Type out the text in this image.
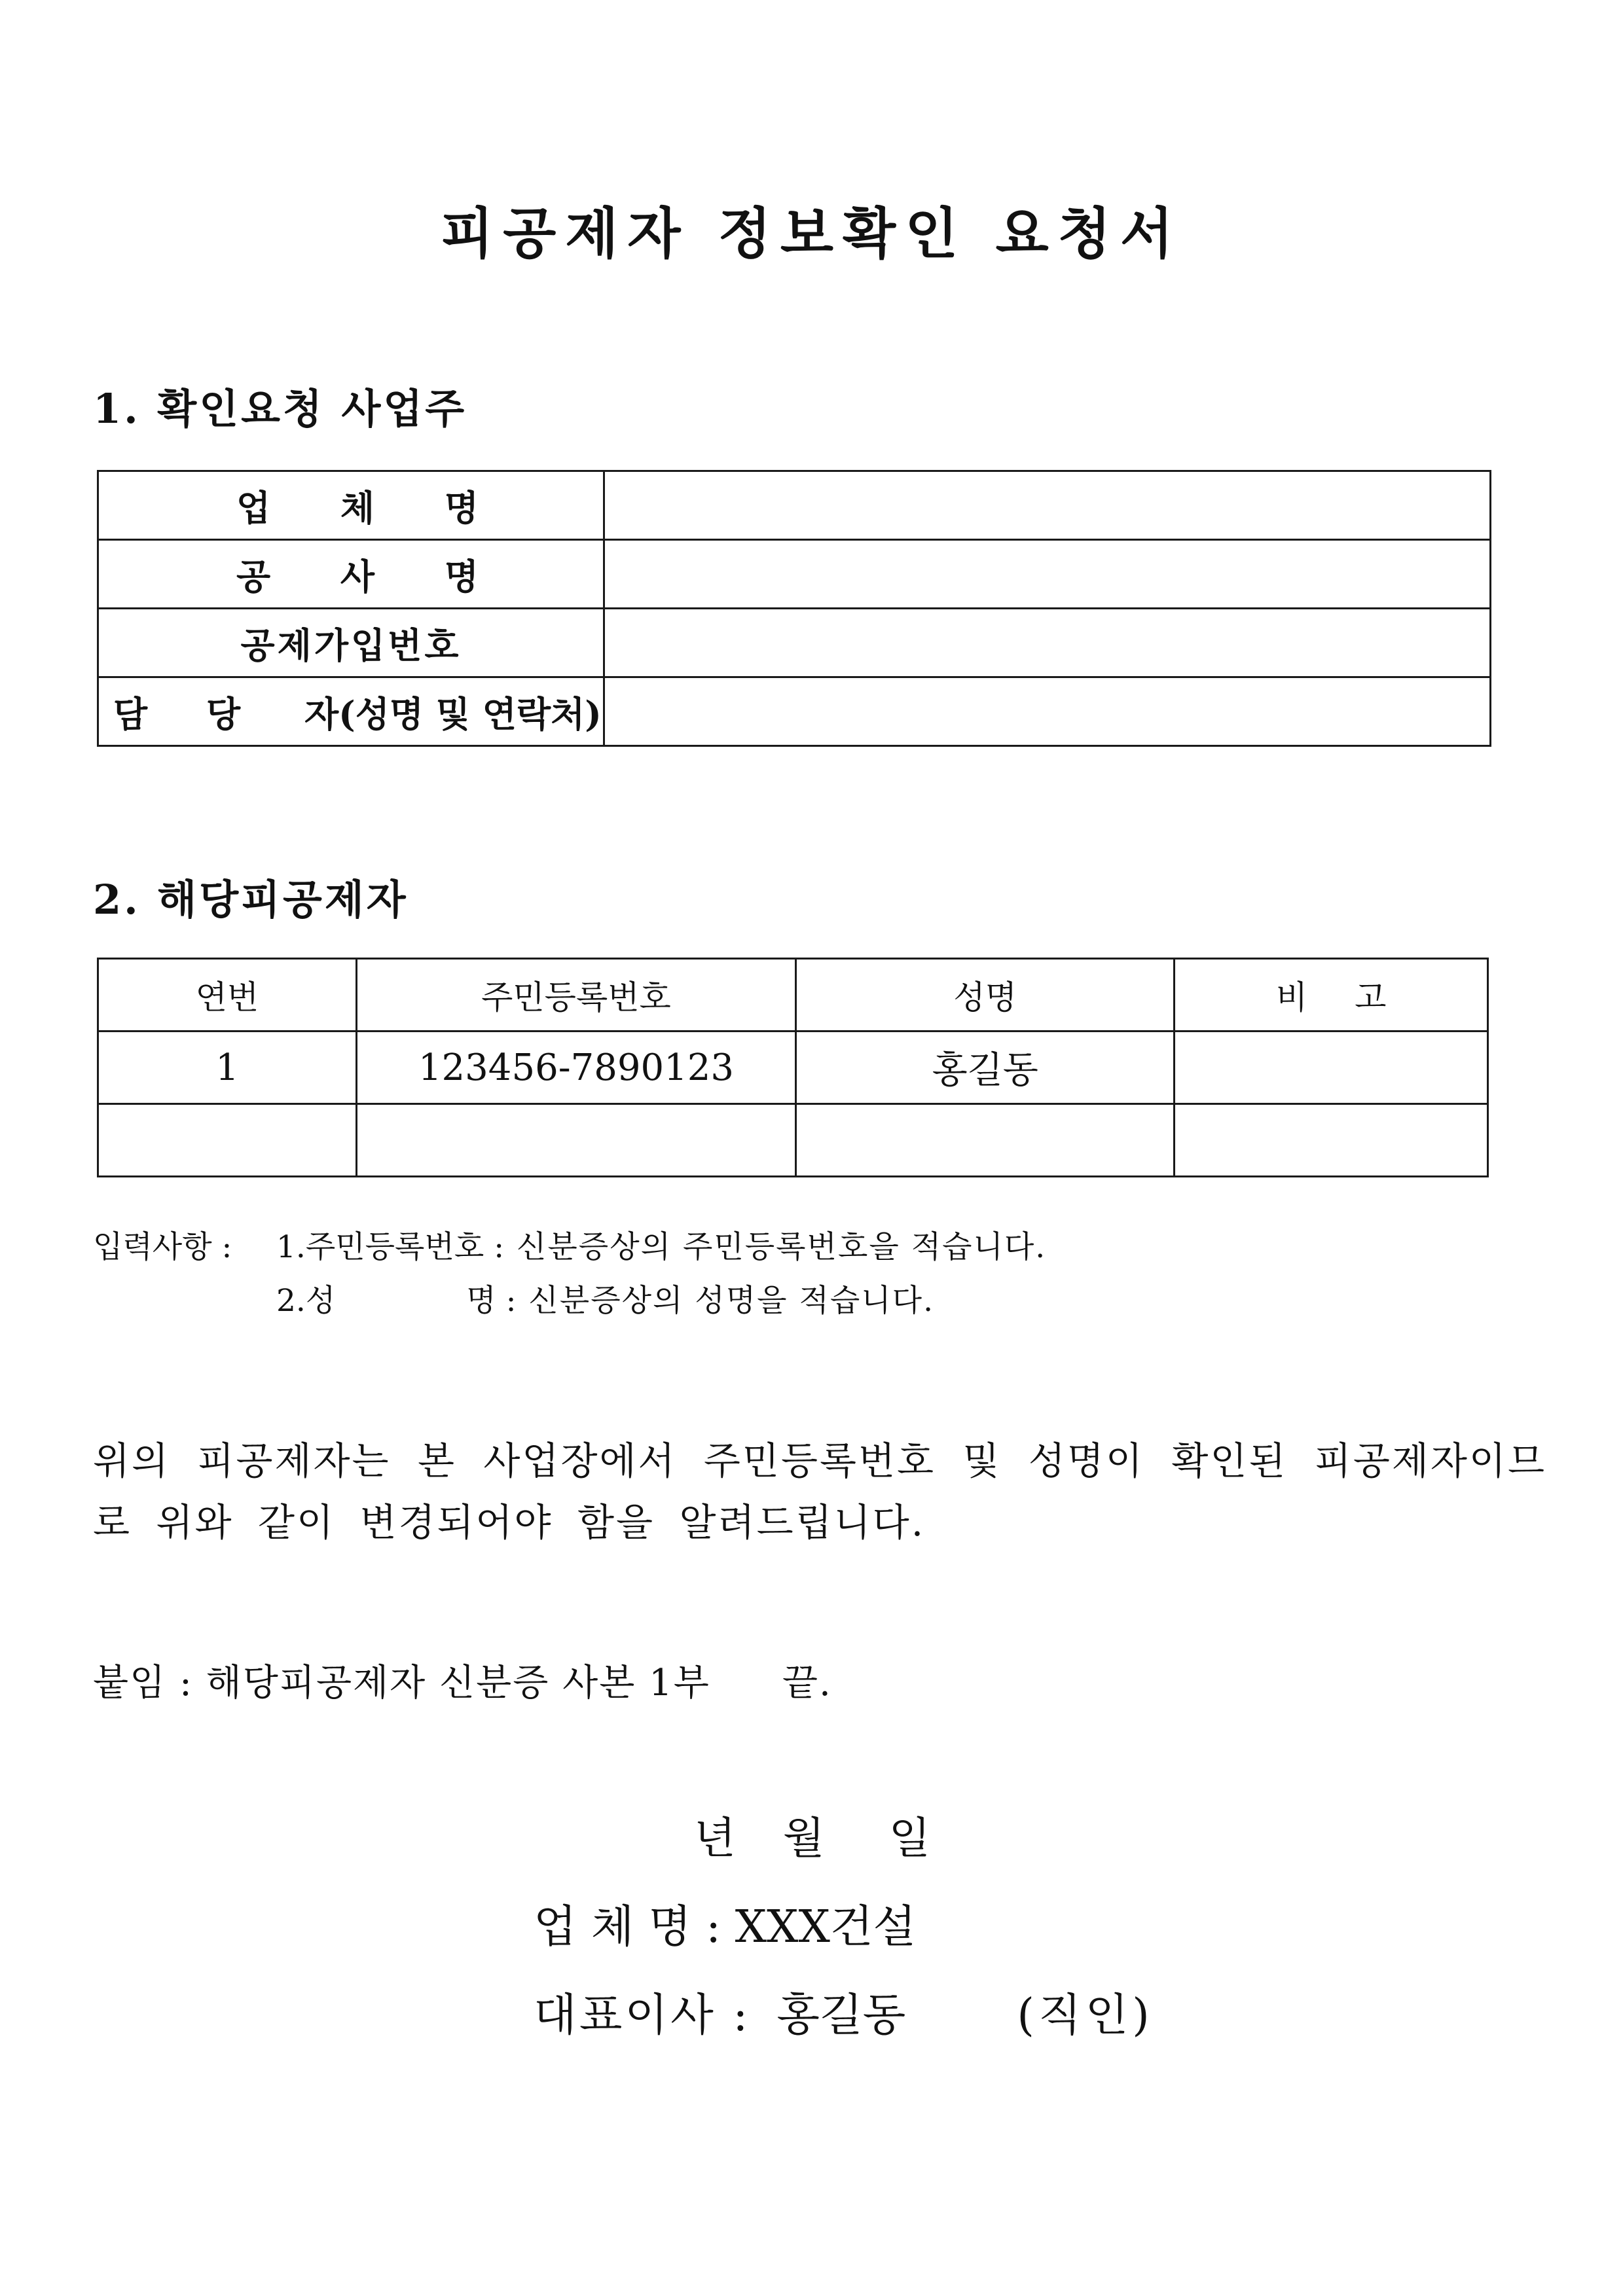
피공제자 정보확인 요청서
1. 확인요청 사업주
업 체 명	

공 사 명	

공제가입번호	

담 당 자(성명 및 연락처)	

2. 해당피공제자
연번	주민등록번호	성명	비 고
1	123456-7890123	홍길동	

입력사항 : 1.주민등록번호 : 신분증상의 주민등록번호을 적습니다.

2.성	명 : 신분증상의 성명을 적습니다.

위의 피공제자는 본 사업장에서 주민등록번호 및 성명이 확인된 피공제자이므로 위와 같이 변경되어야 함을 알려드립니다.

붙임 : 해당피공제자 신분증 사본 1부 끝.

년 월 일

업체명: XXX건설

대표이사 : 홍길동	(직인)
